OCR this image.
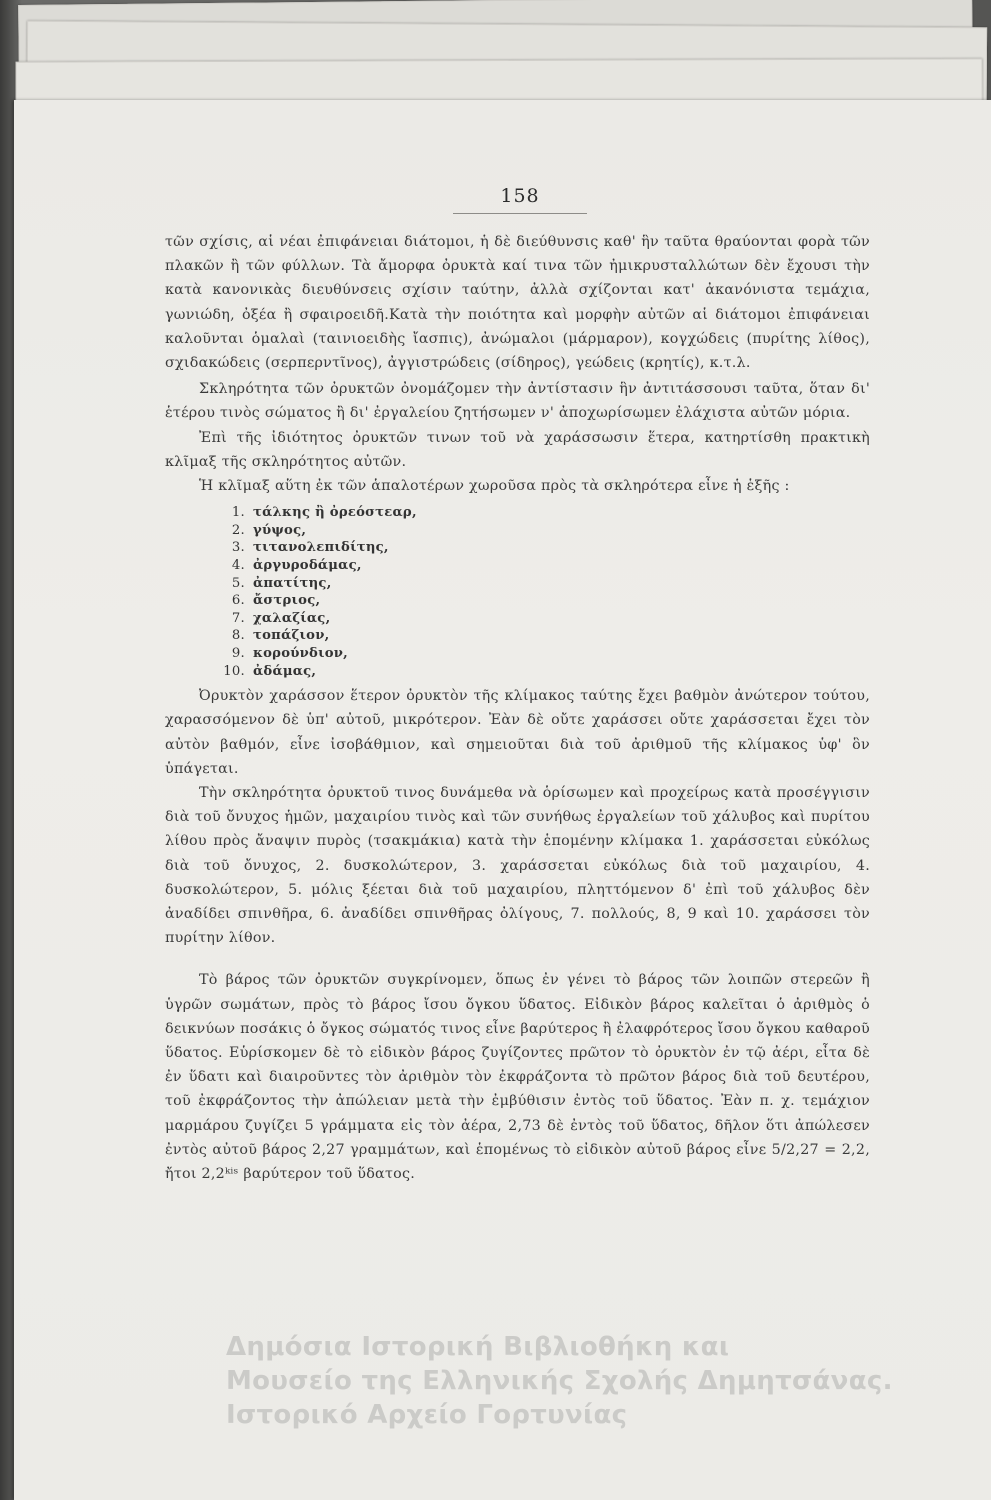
158

τῶν σχίσις, αἱ νέαι ἐπιφάνειαι διάτομοι, ἡ δὲ διεύθυνσις καθ' ἣν ταῦτα θραύονται φορὰ τῶν πλακῶν ἢ τῶν φύλλων. Τὰ ἄμορφα ὀρυκτὰ καί τινα τῶν ἠμικρυσταλλώτων δὲν ἔχουσι τὴν κατὰ κανονικὰς διευθύνσεις σχίσιν ταύτην, ἀλλὰ σχίζονται κατ' ἀκανόνιστα τεμάχια, γωνιώδη, ὀξέα ἢ σφαιροειδῆ.Κατὰ τὴν ποιότητα καὶ μορφὴν αὐτῶν αἱ διάτομοι ἐπιφάνειαι καλοῦνται ὁμαλαὶ (ταινιοειδὴς ἴασπις), ἀνώμαλοι (μάρμαρον), κογχώδεις (πυρίτης λίθος), σχιδακώδεις (σερπερντῖνος), ἀγγιστρώδεις (σίδηρος), γεώδεις (κρητίς), κ.τ.λ.

Σκληρότητα τῶν ὀρυκτῶν ὀνομάζομεν τὴν ἀντίστασιν ἣν ἀντιτάσσουσι ταῦτα, ὅταν δι' ἑτέρου τινὸς σώματος ἢ δι' ἐργαλείου ζητήσωμεν ν' ἀποχωρίσωμεν ἐλάχιστα αὐτῶν μόρια.

Ἐπὶ τῆς ἰδιότητος ὀρυκτῶν τινων τοῦ νὰ χαράσσωσιν ἕτερα, κατηρτίσθη πρακτικὴ κλῖμαξ τῆς σκληρότητος αὐτῶν.

Ἡ κλῖμαξ αὕτη ἐκ τῶν ἁπαλοτέρων χωροῦσα πρὸς τὰ σκληρότερα εἶνε ἡ ἑξῆς :

1. τάλκης ἢ ὀρεόστεαρ,
2. γύψος,
3. τιτανολεπιδίτης,
4. ἀργυροδάμας,
5. ἀπατίτης,
6. ἄστριος,
7. χαλαζίας,
8. τοπάζιον,
9. κορούνδιον,
10. ἀδάμας,

Ὀρυκτὸν χαράσσον ἕτερον ὀρυκτὸν τῆς κλίμακος ταύτης ἔχει βαθμὸν ἀνώτερον τούτου, χαρασσόμενον δὲ ὑπ' αὐτοῦ, μικρότερον. Ἐὰν δὲ οὔτε χαράσσει οὔτε χαράσσεται ἔχει τὸν αὐτὸν βαθμόν, εἶνε ἰσοβάθμιον, καὶ σημειοῦται διὰ τοῦ ἀριθμοῦ τῆς κλίμακος ὑφ' ὃν ὑπάγεται.

Τὴν σκληρότητα ὀρυκτοῦ τινος δυνάμεθα νὰ ὁρίσωμεν καὶ προχείρως κατὰ προσέγγισιν διὰ τοῦ ὄνυχος ἡμῶν, μαχαιρίου τινὸς καὶ τῶν συνήθως ἐργαλείων τοῦ χάλυβος καὶ πυρίτου λίθου πρὸς ἄναψιν πυρὸς (τσακμάκια) κατὰ τὴν ἑπομένην κλίμακα 1. χαράσσεται εὐκόλως διὰ τοῦ ὄνυχος, 2. δυσκολώτερον, 3. χαράσσεται εὐκόλως διὰ τοῦ μαχαιρίου, 4. δυσκολώτερον, 5. μόλις ξέεται διὰ τοῦ μαχαιρίου, πληττόμενον δ' ἐπὶ τοῦ χάλυβος δὲν ἀναδίδει σπινθῆρα, 6. ἀναδίδει σπινθῆρας ὀλίγους, 7. πολλούς, 8, 9 καὶ 10. χαράσσει τὸν πυρίτην λίθον.

Τὸ βάρος τῶν ὀρυκτῶν συγκρίνομεν, ὅπως ἐν γένει τὸ βάρος τῶν λοιπῶν στερεῶν ἢ ὑγρῶν σωμάτων, πρὸς τὸ βάρος ἴσου ὄγκου ὕδατος. Εἰδικὸν βάρος καλεῖται ὁ ἀριθμὸς ὁ δεικνύων ποσάκις ὁ ὄγκος σώματός τινος εἶνε βαρύτερος ἢ ἐλαφρότερος ἴσου ὄγκου καθαροῦ ὕδατος. Εὑρίσκομεν δὲ τὸ εἰδικὸν βάρος ζυγίζοντες πρῶτον τὸ ὀρυκτὸν ἐν τῷ ἀέρι, εἶτα δὲ ἐν ὕδατι καὶ διαιροῦντες τὸν ἀριθμὸν τὸν ἐκφράζοντα τὸ πρῶτον βάρος διὰ τοῦ δευτέρου, τοῦ ἐκφράζοντος τὴν ἀπώλειαν μετὰ τὴν ἐμβύθισιν ἐντὸς τοῦ ὕδατος. Ἐὰν π. χ. τεμάχιον μαρμάρου ζυγίζει 5 γράμματα εἰς τὸν ἀέρα, 2,73 δὲ ἐντὸς τοῦ ὕδατος, δῆλον ὅτι ἀπώλεσεν ἐντὸς αὐτοῦ βάρος 2,27 γραμμάτων, καὶ ἑπομένως τὸ εἰδικὸν αὐτοῦ βάρος εἶνε 5/2,27 = 2,2, ἤτοι 2,2ᵏⁱˢ βαρύτερον τοῦ ὕδατος.

Δημόσια Ιστορική Βιβλιοθήκη και
Μουσείο της Ελληνικής Σχολής Δημητσάνας.
Ιστορικό Αρχείο Γορτυνίας
